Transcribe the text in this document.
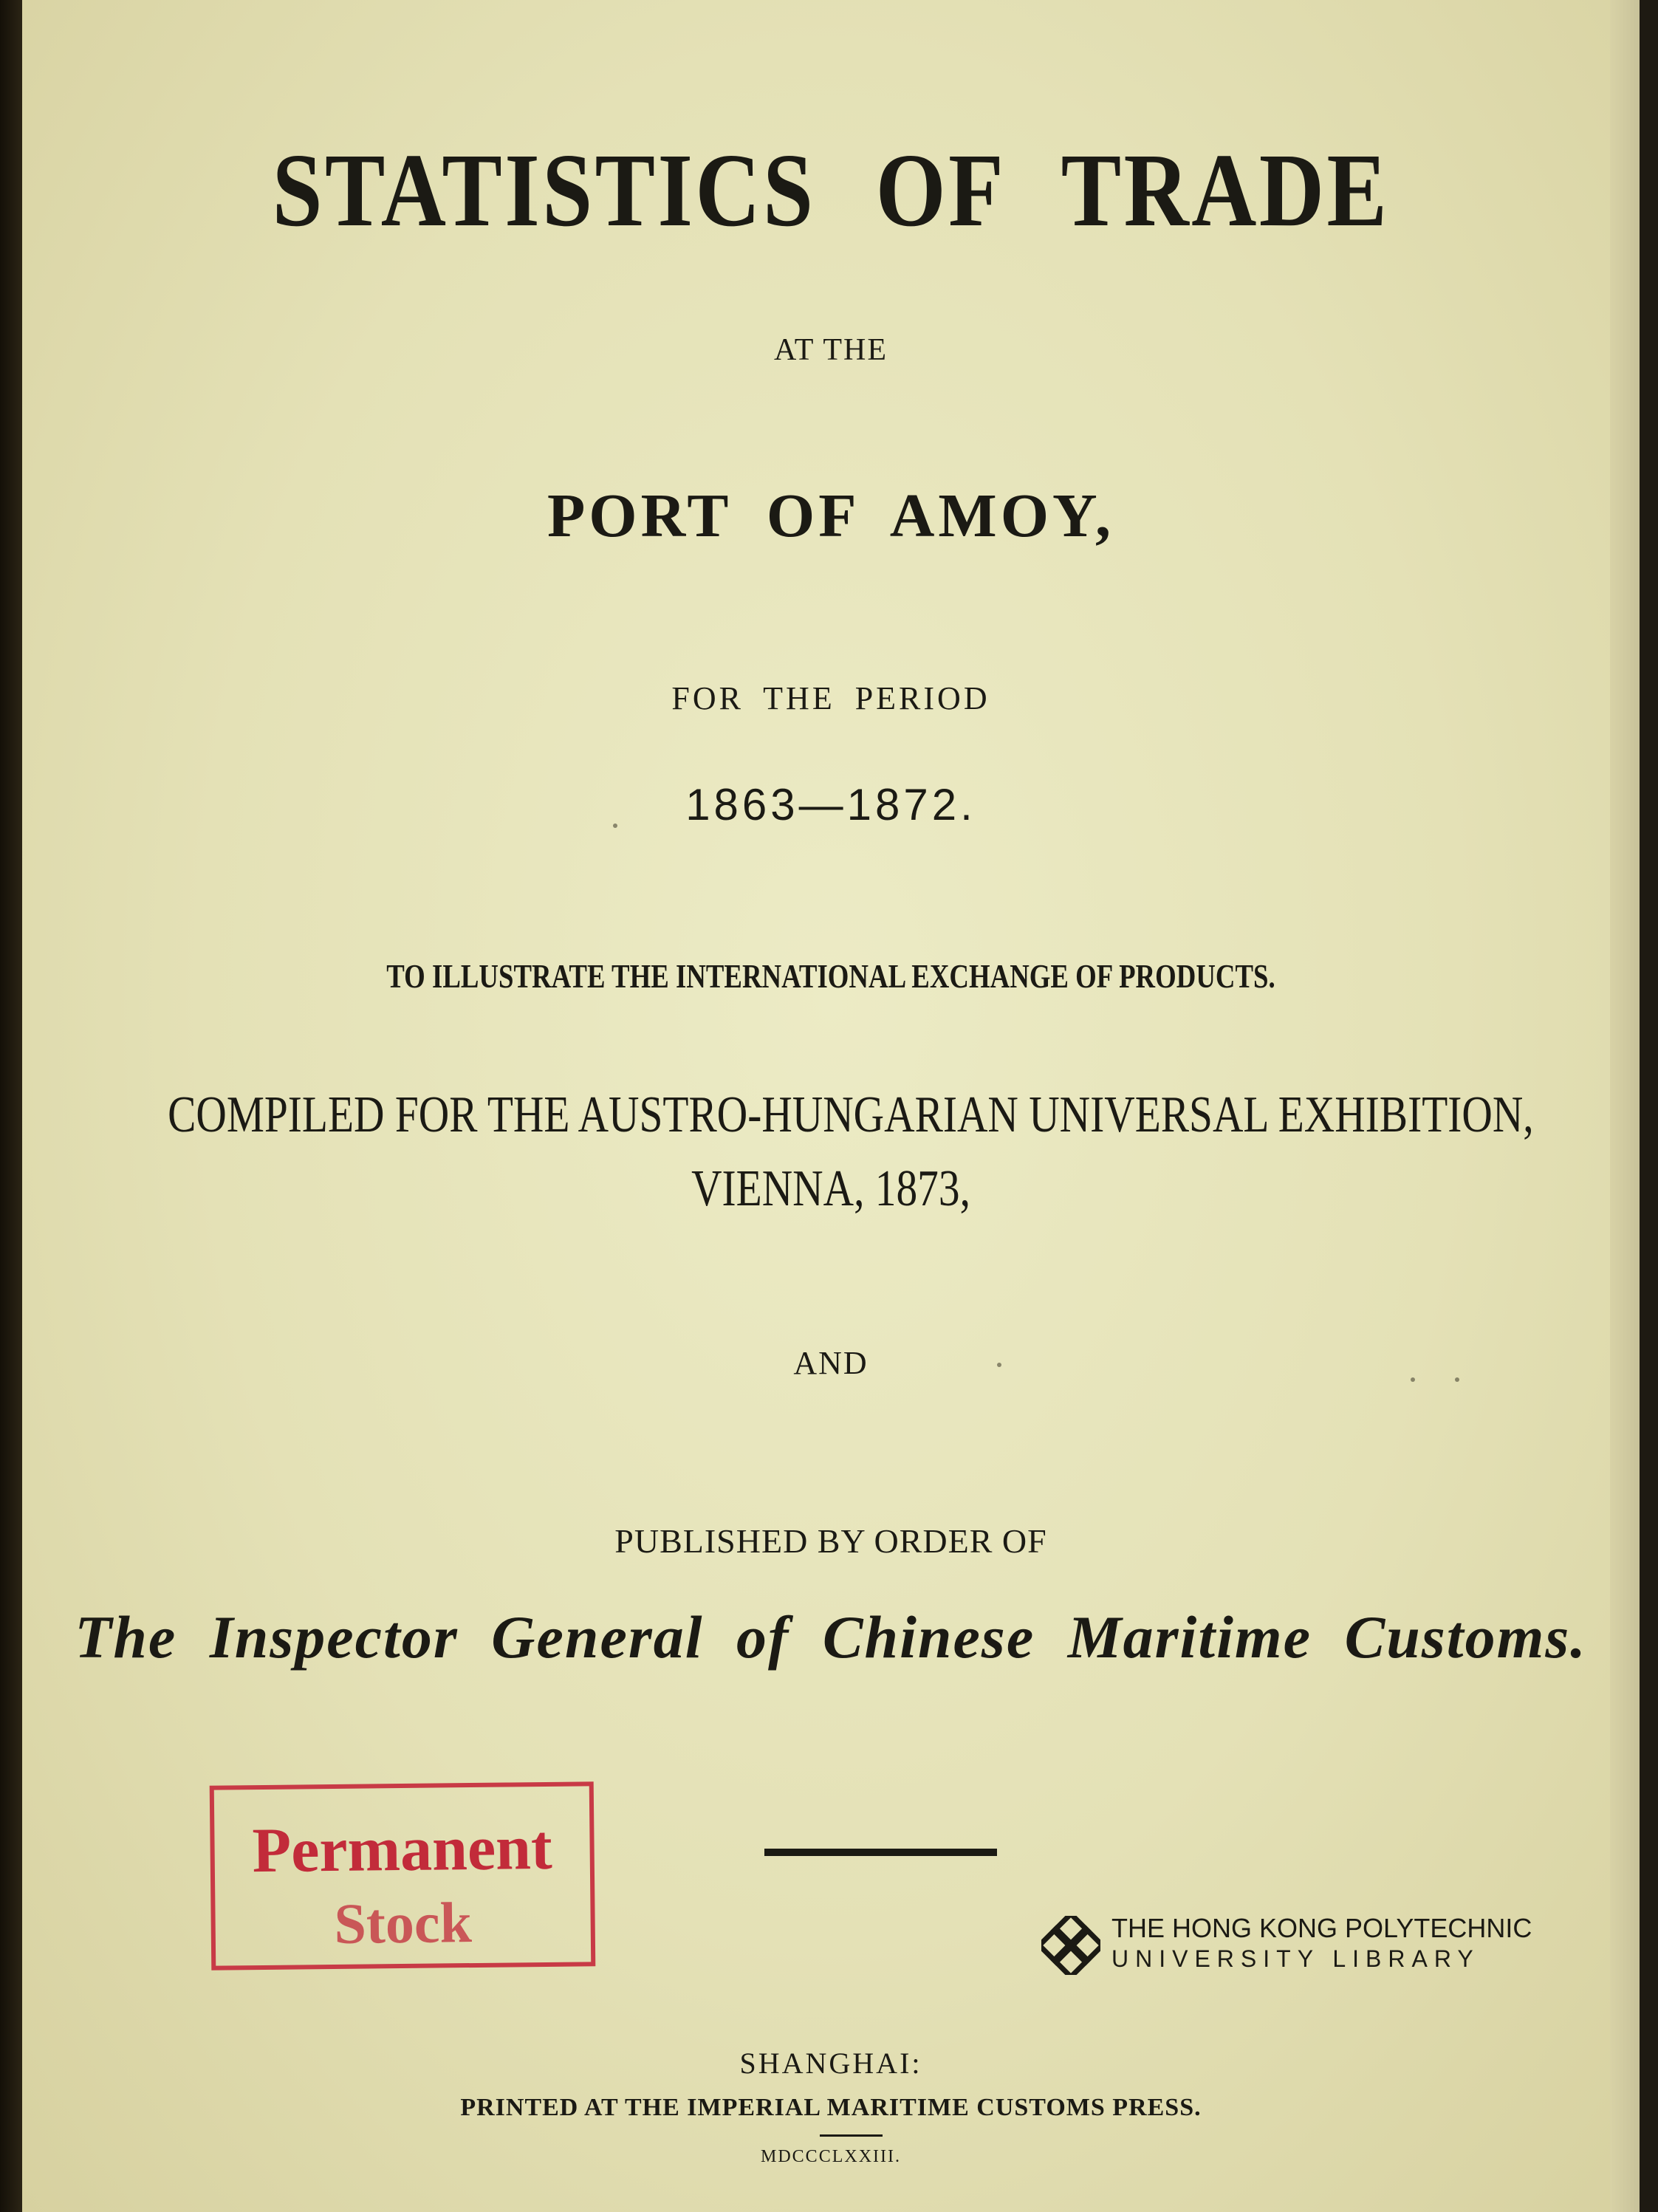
STATISTICS OF TRADE
AT THE
PORT OF AMOY,
FOR THE PERIOD
1863—1872.
TO ILLUSTRATE THE INTERNATIONAL EXCHANGE OF PRODUCTS.
COMPILED FOR THE AUSTRO-HUNGARIAN UNIVERSAL EXHIBITION,
VIENNA, 1873,
AND
PUBLISHED BY ORDER OF
The Inspector General of Chinese Maritime Customs.
Permanent
Stock	THE HONG KONG POLYTECHNIC
UNIVERSITY LIBRARY
SHANGHAI:
PRINTED AT THE IMPERIAL MARITIME CUSTOMS PRESS.
MDCCCLXXIII.
